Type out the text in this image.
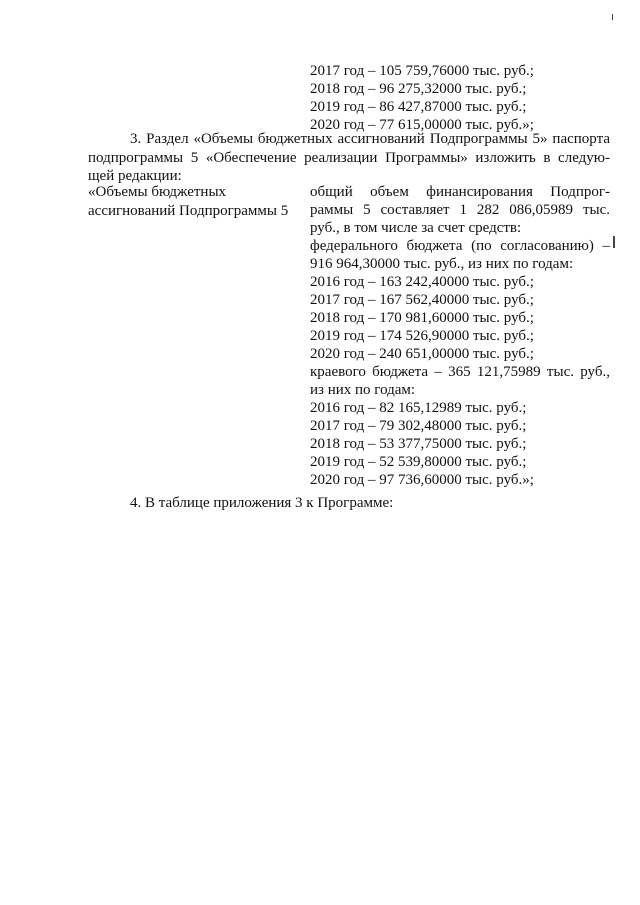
2017 год – 105 759,76000 тыс. руб.;
2018 год – 96 275,32000 тыс. руб.;
2019 год – 86 427,87000 тыс. руб.;
2020 год – 77 615,00000 тыс. руб.»;
3. Раздел «Объемы бюджетных ассигнований Подпрограммы 5» паспорта
подпрограммы 5 «Обеспечение реализации Программы» изложить в следую-
щей редакции:
«Объемы бюджетных
ассигнований Подпрограммы 5
общий объем финансирования Подпрог-
раммы 5 составляет 1 282 086,05989 тыс.
руб., в том числе за счет средств:
федерального бюджета (по согласованию) –
916 964,30000 тыс. руб., из них по годам:
2016 год – 163 242,40000 тыс. руб.;
2017 год – 167 562,40000 тыс. руб.;
2018 год – 170 981,60000 тыс. руб.;
2019 год – 174 526,90000 тыс. руб.;
2020 год – 240 651,00000 тыс. руб.;
краевого бюджета – 365 121,75989 тыс. руб.,
из них по годам:
2016 год – 82 165,12989 тыс. руб.;
2017 год – 79 302,48000 тыс. руб.;
2018 год – 53 377,75000 тыс. руб.;
2019 год – 52 539,80000 тыс. руб.;
2020 год – 97 736,60000 тыс. руб.»;
4. В таблице приложения 3 к Программе:
